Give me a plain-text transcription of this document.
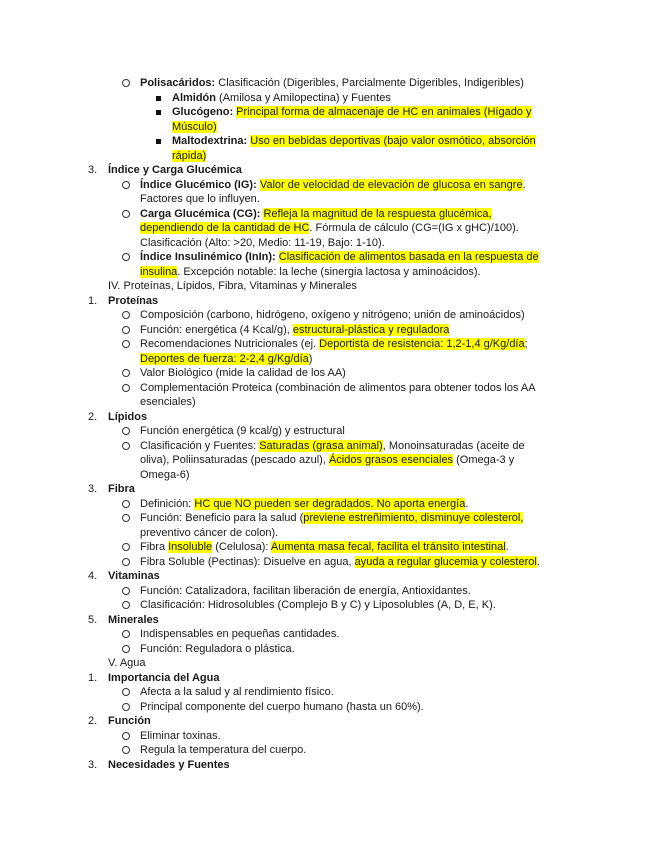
Polisacáridos: Clasificación (Digeribles, Parcialmente Digeribles, Indigeribles)
Almidón (Amilosa y Amilopectina) y Fuentes
Glucógeno: Principal forma de almacenaje de HC en animales (Hígado y
Músculo)
Maltodextrina: Uso en bebidas deportivas (bajo valor osmótico, absorción
rápida)
3. Índice y Carga Glucémica
Índice Glucémico (IG): Valor de velocidad de elevación de glucosa en sangre.
Factores que lo influyen.
Carga Glucémica (CG): Refleja la magnitud de la respuesta glucémica,
dependiendo de la cantidad de HC. Fórmula de cálculo (CG=(IG x gHC)/100).
Clasificación (Alto: >20, Medio: 11-19, Bajo: 1-10).
Índice Insulinémico (InIn): Clasificación de alimentos basada en la respuesta de
insulina. Excepción notable: la leche (sinergia lactosa y aminoácidos).
IV. Proteínas, Lípidos, Fibra, Vitaminas y Minerales
1. Proteínas
Composición (carbono, hidrógeno, oxígeno y nitrógeno; unión de aminoácidos)
Función: energética (4 Kcal/g), estructural-plástica y reguladora
Recomendaciones Nutricionales (ej. Deportista de resistencia: 1,2-1,4 g/Kg/día;
Deportes de fuerza: 2-2,4 g/Kg/día)
Valor Biológico (mide la calidad de los AA)
Complementación Proteica (combinación de alimentos para obtener todos los AA
esenciales)
2. Lípidos
Función energética (9 kcal/g) y estructural
Clasificación y Fuentes: Saturadas (grasa animal), Monoinsaturadas (aceite de
oliva), Poliinsaturadas (pescado azul), Ácidos grasos esenciales (Omega-3 y
Omega-6)
3. Fibra
Definición: HC que NO pueden ser degradados. No aporta energía.
Función: Beneficio para la salud (previene estreñimiento, disminuye colesterol,
preventivo cáncer de colon).
Fibra Insoluble (Celulosa): Aumenta masa fecal, facilita el tránsito intestinal.
Fibra Soluble (Pectinas): Disuelve en agua, ayuda a regular glucemia y colesterol.
4. Vitaminas
Función: Catalizadora, facilitan liberación de energía, Antioxidantes.
Clasificación: Hidrosolubles (Complejo B y C) y Liposolubles (A, D, E, K).
5. Minerales
Indispensables en pequeñas cantidades.
Función: Reguladora o plástica.
V. Agua
1. Importancia del Agua
Afecta a la salud y al rendimiento físico.
Principal componente del cuerpo humano (hasta un 60%).
2. Función
Eliminar toxinas.
Regula la temperatura del cuerpo.
3. Necesidades y Fuentes
